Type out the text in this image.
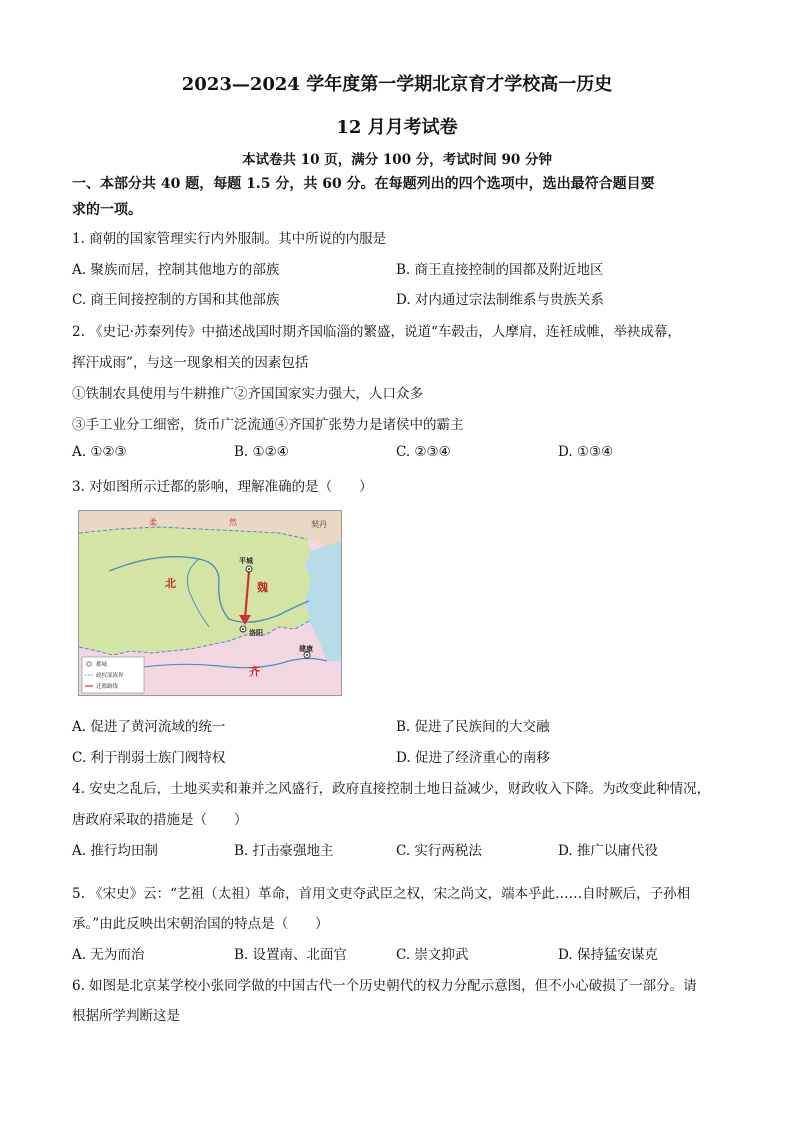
2023—2024 学年度第一学期北京育才学校高一历史
12 月月考试卷
本试卷共 10 页，满分 100 分，考试时间 90 分钟
一、本部分共 40 题，每题 1.5 分，共 60 分。在每题列出的四个选项中，选出最符合题目要
求的一项。
1. 商朝的国家管理实行内外服制。其中所说的内服是
A. 聚族而居，控制其他地方的部族	B. 商王直接控制的国都及附近地区
C. 商王间接控制的方国和其他部族	D. 对内通过宗法制维系与贵族关系
2. 《史记·苏秦列传》中描述战国时期齐国临淄的繁盛，说道“车毂击，人摩肩，连衽成帷，举袂成幕，
挥汗成雨”，与这一现象相关的因素包括
①铁制农具使用与牛耕推广②齐国国家实力强大，人口众多
③手工业分工细密，货币广泛流通④齐国扩张势力是诸侯中的霸主
A. ①②③	B. ①②④	C. ②③④	D. ①③④
3. 对如图所示迁都的影响，理解准确的是（　　）
柔	然	契丹
北	魏
平城
洛阳
建康
齐
都城
政权部族界
迁都路线
A. 促进了黄河流域的统一	B. 促进了民族间的大交融
C. 利于削弱士族门阀特权	D. 促进了经济重心的南移
4. 安史之乱后，土地买卖和兼并之风盛行，政府直接控制土地日益减少，财政收入下降。为改变此种情况，
唐政府采取的措施是（　　）
A. 推行均田制	B. 打击豪强地主	C. 实行两税法	D. 推广以庸代役
5. 《宋史》云：“艺祖（太祖）革命，首用文吏夺武臣之权，宋之尚文，端本乎此……自时厥后，子孙相
承。”由此反映出宋朝治国的特点是（　　）
A. 无为而治	B. 设置南、北面官	C. 崇文抑武	D. 保持猛安谋克
6. 如图是北京某学校小张同学做的中国古代一个历史朝代的权力分配示意图，但不小心破损了一部分。请
根据所学判断这是
